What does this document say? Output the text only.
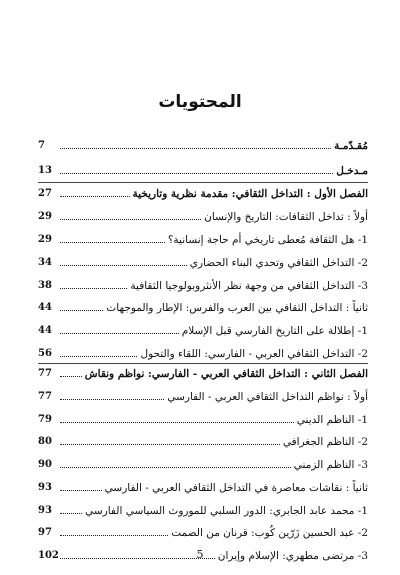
المحتويات
7	مُقـدّمـة
13	مـدخـل
27	الفصل الأول : التداخل الثقافي: مقدمة نظرية وتاريخية
29	أولاً : تداخل الثقافات: التاريخ والإنسان
29	1- هل الثقافة مُعطى تاريخي أم حاجة إنسانية؟
34	2- التداخل الثقافي وتحدي البناء الحضاري
38	3- التداخل الثقافي من وجهة نظر الأنثروبولوجيا الثقافية
44	ثانياً : التداخل الثقافي بين العرب والفرس: الإطار والموجهات
44	1- إطلالة على التاريخ الفارسي قبل الإسلام
56	2- التداخل الثقافي العربي - الفارسي: اللقاء والتحول
77	الفصل الثاني : التداخل الثقافي العربي - الفارسي: نواظم ونقاش
77	أولاً : نواظم التداخل الثقافي العربي - الفارسي
79	1- الناظم الديني
80	2- الناظم الجغرافي
90	3- الناظم الزمني
93	ثانياً : نقاشات معاصرة في التداخل الثقافي العربي - الفارسي
93	1- محمد عابد الجابري: الدور السلبي للموروث السياسي الفارسي
97	2- عبد الحسين زَرّين كُوب: قرنان من الصمت
102	3- مرتضى مطهري: الإسلام وإيران
5
